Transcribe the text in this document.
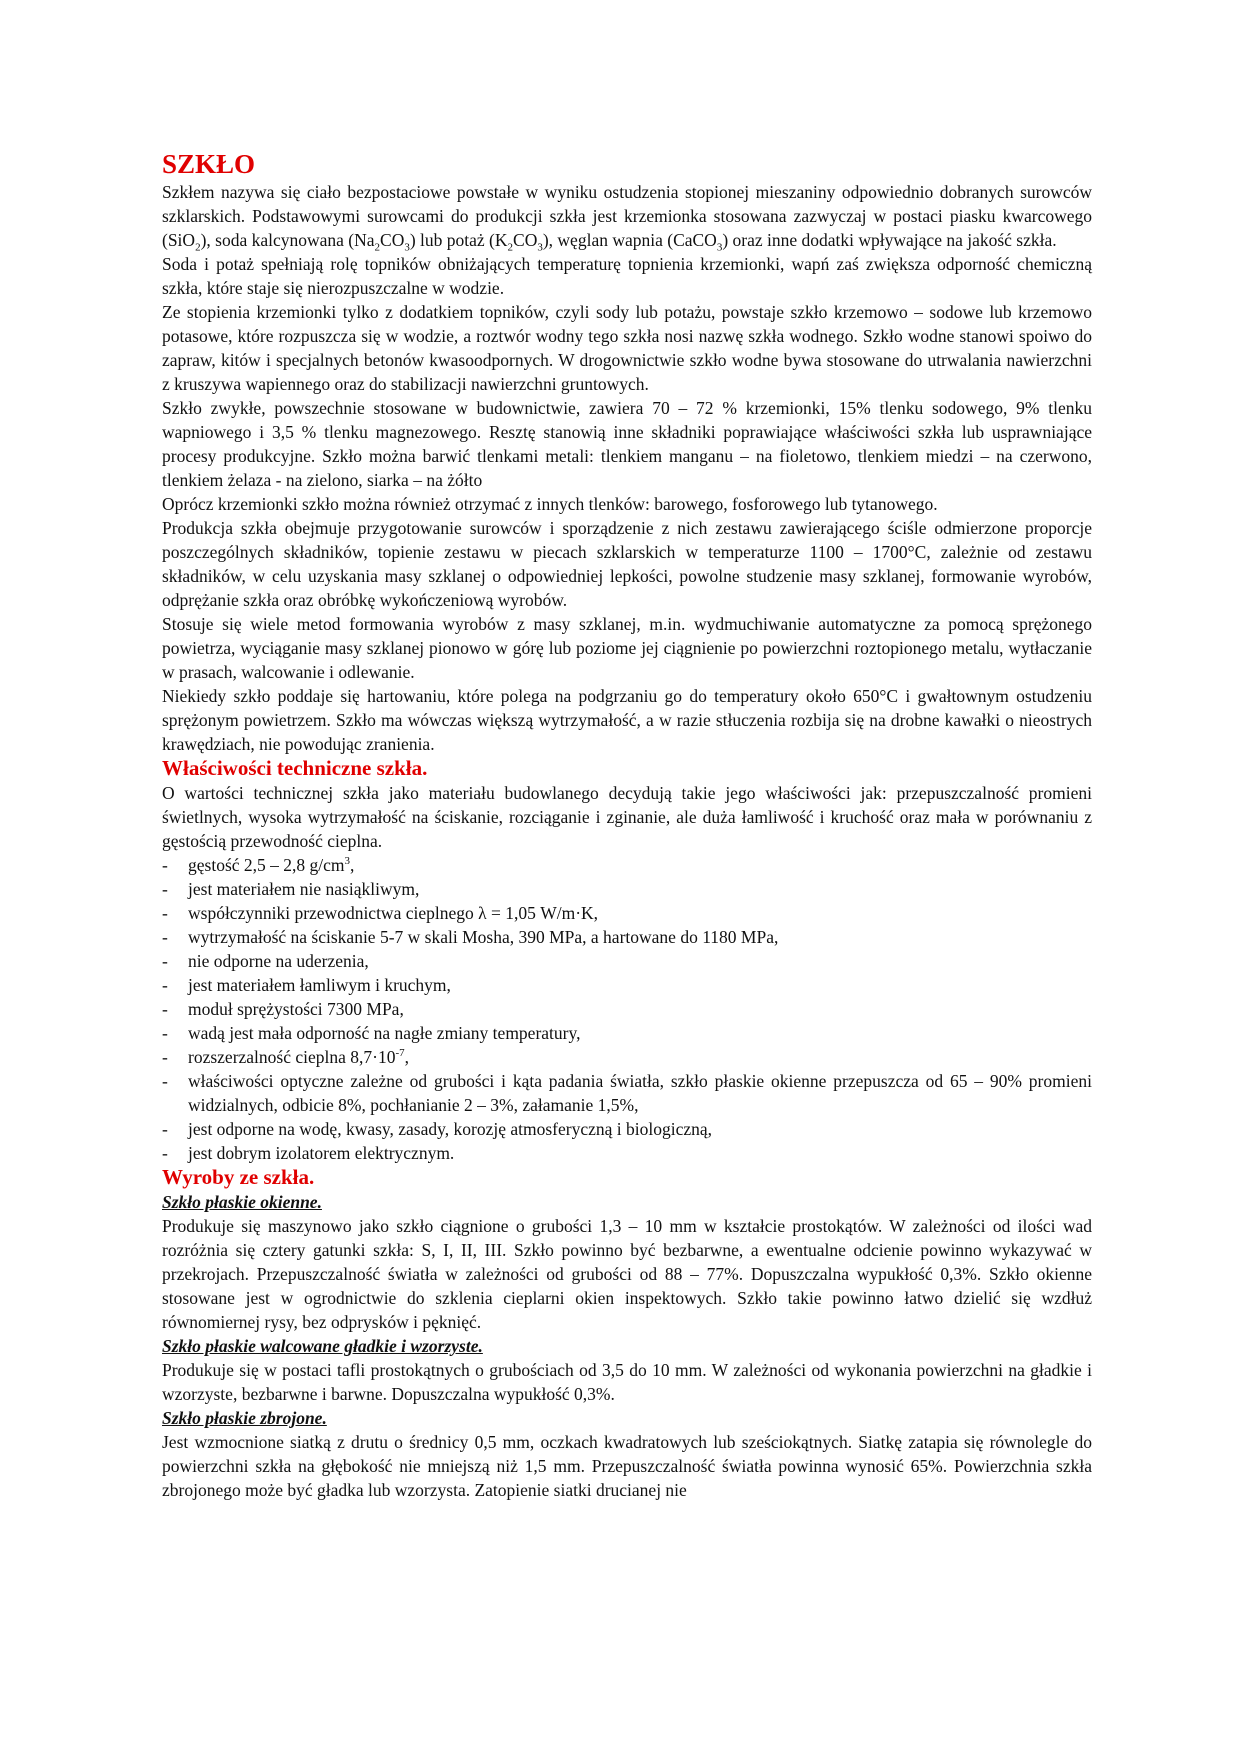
SZKŁO

Szkłem nazywa się ciało bezpostaciowe powstałe w wyniku ostudzenia stopionej mieszaniny odpowiednio dobranych surowców szklarskich. Podstawowymi surowcami do produkcji szkła jest krzemionka stosowana zazwyczaj w postaci piasku kwarcowego (SiO$_2$), soda kalcynowana $(Na_2CO_3)$ lub potaż $(K_2CO_3)$, węglan wapnia (CaCO$_3$) oraz inne dodatki wpływające na jakość szkła.

Soda i potaż spełniają rolę topników obniżających temperaturę topnienia krzemionki, wapń zaś zwiększa odporność chemiczną szkła, które staje się nierozpuszczalne w wodzie.

Ze stopienia krzemionki tylko z dodatkiem topników, czyli sody lub potażu, powstaje szkło krzemowo – sodowe lub krzemowo potasowe, które rozpuszcza się w wodzie, a roztwór wodny tego szkła nosi nazwę szkła wodnego. Szkło wodne stanowi spoiwo do zapraw, kitów i specjalnych betonów kwasoodpornych. W drogownictwie szkło wodne bywa stosowane do utrwalania nawierzchni z kruszywa wapiennego oraz do stabilizacji nawierzchni gruntowych.

Szkło zwykłe, powszechnie stosowane w budownictwie, zawiera 70 – 72 % krzemionki, 15% tlenku sodowego, 9% tlenku wapniowego i 3,5 % tlenku magnezowego. Resztę stanowią inne składniki poprawiające właściwości szkła lub usprawniające procesy produkcyjne. Szkło można barwić tlenkami metali: tlenkiem manganu – na fioletowo, tlenkiem miedzi – na czerwono, tlenkiem żelaza - na zielono, siarka – na żółto

Oprócz krzemionki szkło można również otrzymać z innych tlenków: barowego, fosforowego lub tytanowego.

Produkcja szkła obejmuje przygotowanie surowców i sporządzenie z nich zestawu zawierającego ściśle odmierzone proporcje poszczególnych składników, topienie zestawu w piecach szklarskich w temperaturze 1100 – 1700°C, zależnie od zestawu składników, w celu uzyskania masy szklanej o odpowiedniej lepkości, powolne studzenie masy szklanej, formowanie wyrobów, odprężanie szkła oraz obróbkę wykończeniową wyrobów.

Stosuje się wiele metod formowania wyrobów z masy szklanej, m.in. wydmuchiwanie automatyczne za pomocą sprężonego powietrza, wyciąganie masy szklanej pionowo w górę lub poziome jej ciągnienie po powierzchni roztopionego metalu, wytłaczanie w prasach, walcowanie i odlewanie.

Niekiedy szkło poddaje się hartowaniu, które polega na podgrzaniu go do temperatury około 650°C i gwałtownym ostudzeniu sprężonym powietrzem. Szkło ma wówczas większą wytrzymałość, a w razie stłuczenia rozbija się na drobne kawałki o nieostrych krawędziach, nie powodując zranienia.

Właściwości techniczne szkła.

O wartości technicznej szkła jako materiału budowlanego decydują takie jego właściwości jak: przepuszczalność promieni świetlnych, wysoka wytrzymałość na ściskanie, rozciąganie i zginanie, ale duża łamliwość i kruchość oraz mała w porównaniu z gęstością przewodność cieplna.

- gęstość 2,5 – 2,8 $g/cm^3$,
- jest materiałem nie nasiąkliwym,
- współczynniki przewodnictwa cieplnego λ = 1,05 W/m·K,
- wytrzymałość na ściskanie 5-7 w skali Mosha, 390 MPa, a hartowane do 1180 MPa,
- nie odporne na uderzenia,
- jest materiałem łamliwym i kruchym,
- moduł sprężystości 7300 MPa,
- wadą jest mała odporność na nagłe zmiany temperatury,
- rozszerzalność cieplna $8,7\cdot 10^{-7}$,
- właściwości optyczne zależne od grubości i kąta padania światła, szkło płaskie okienne przepuszcza od 65 – 90% promieni widzialnych, odbicie 8%, pochłanianie 2 – 3%, załamanie 1,5%,
- jest odporne na wodę, kwasy, zasady, korozję atmosferyczną i biologiczną,
- jest dobrym izolatorem elektrycznym.
Wyroby ze szkła.
Szkło płaskie okienne.

Produkuje się maszynowo jako szkło ciągnione o grubości 1,3 – 10 mm w kształcie prostokątów. W zależności od ilości wad rozróżnia się cztery gatunki szkła: S, I, II, III. Szkło powinno być bezbarwne, a ewentualne odcienie powinno wykazywać w przekrojach. Przepuszczalność światła w zależności od grubości od 88 – 77%. Dopuszczalna wypukłość 0,3%. Szkło okienne stosowane jest w ogrodnictwie do szklenia cieplarni okien inspektowych. Szkło takie powinno łatwo dzielić się wzdłuż równomiernej rysy, bez odprysków i pęknięć.

Szkło płaskie walcowane gładkie i wzorzyste.

Produkuje się w postaci tafli prostokątnych o grubościach od 3,5 do 10 mm. W zależności od wykonania powierzchni na gładkie i wzorzyste, bezbarwne i barwne. Dopuszczalna wypukłość 0,3%.

Szkło płaskie zbrojone.

Jest wzmocnione siatką z drutu o średnicy 0,5 mm, oczkach kwadratowych lub sześciokątnych. Siatkę zatapia się równolegle do powierzchni szkła na głębokość nie mniejszą niż 1,5 mm. Przepuszczalność światła powinna wynosić 65%. Powierzchnia szkła zbrojonego może być gładka lub wzorzysta. Zatopienie siatki drucianej nie
